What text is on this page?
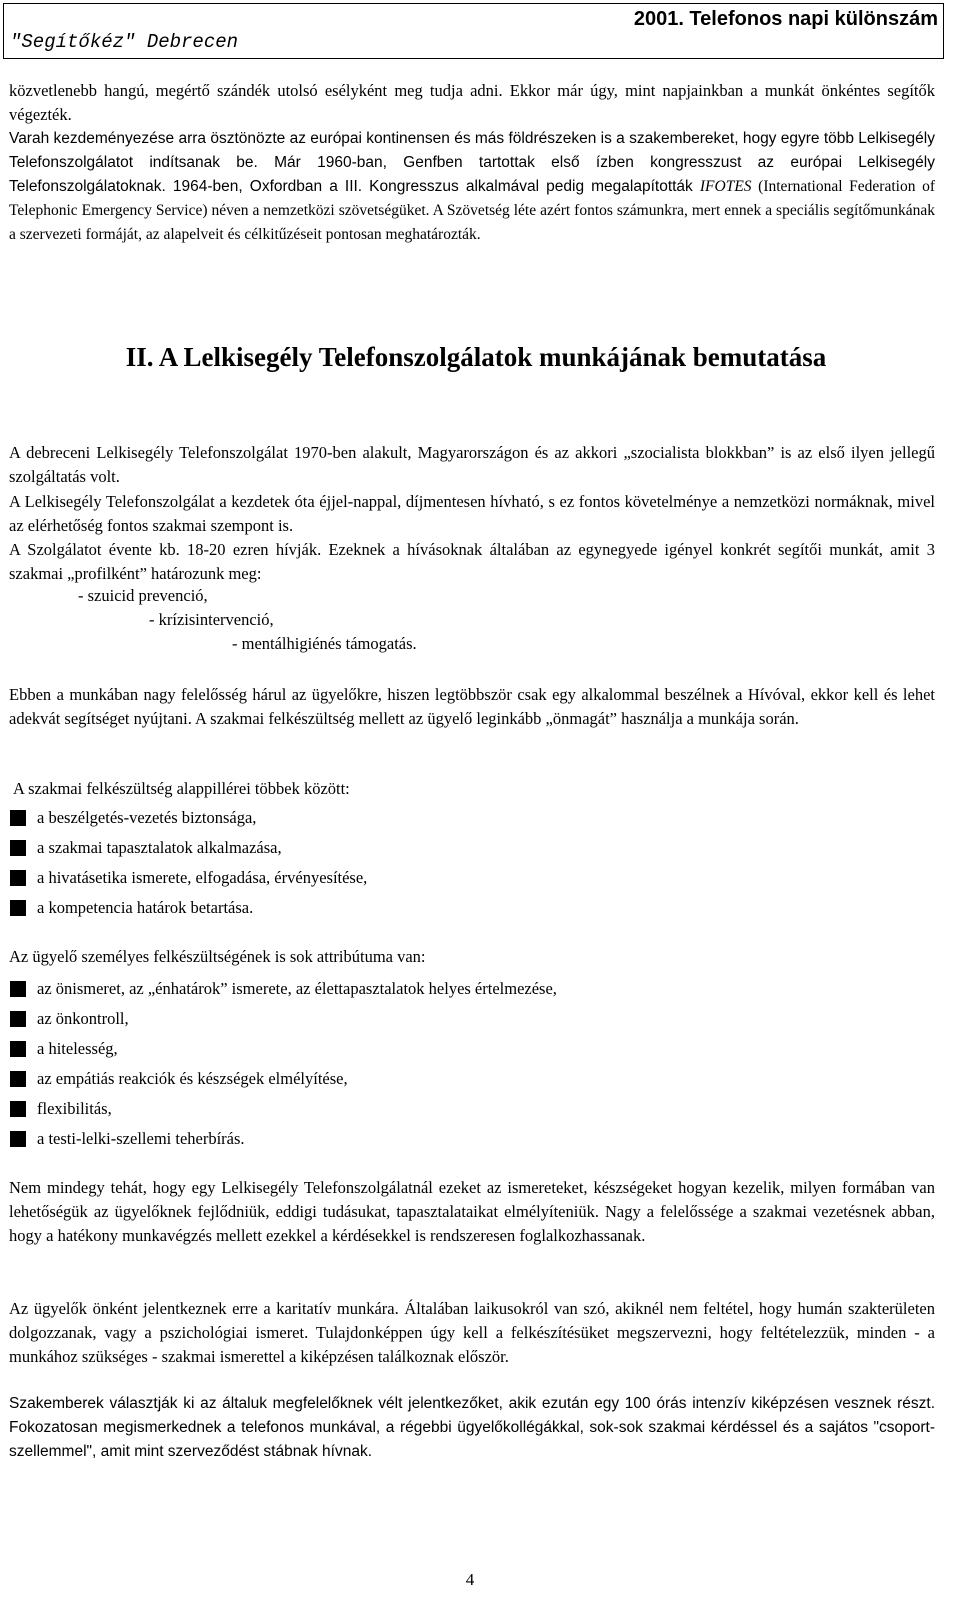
2001. Telefonos napi különszám
"Segítőkéz" Debrecen

közvetlenebb hangú, megértő szándék utolsó esélyként meg tudja adni. Ekkor már úgy, mint napjainkban a munkát önkéntes segítők végezték.

Varah kezdeményezése arra ösztönözte az európai kontinensen és más földrészeken is a szakembereket, hogy egyre több Lelkisegély Telefonszolgálatot indítsanak be. Már 1960-ban, Genfben tartottak első ízben kongresszust az európai Lelkisegély Telefonszolgálatoknak. 1964-ben, Oxfordban a III. Kongresszus alkalmával pedig megalapították IFOTES (International Federation of Telephonic Emergency Service) néven a nemzetközi szövetségüket. A Szövetség léte azért fontos számunkra, mert ennek a speciális segítőmunkának a szervezeti formáját, az alapelveit és célkitűzéseit pontosan meghatározták.

II. A Lelkisegély Telefonszolgálatok munkájának bemutatása
A debreceni Lelkisegély Telefonszolgálat 1970-ben alakult, Magyarországon és az akkori „szocialista blokkban” is az első ilyen jellegű szolgáltatás volt.
A Lelkisegély Telefonszolgálat a kezdetek óta éjjel-nappal, díjmentesen hívható, s ez fontos követelménye a nemzetközi normáknak, mivel az elérhetőség fontos szakmai szempont is.
A Szolgálatot évente kb. 18-20 ezren hívják. Ezeknek a hívásoknak általában az egynegyede igényel konkrét segítői munkát, amit 3 szakmai „profilként” határozunk meg:
- szuicid prevenció,
- krízisintervenció,
- mentálhigiénés támogatás.
Ebben a munkában nagy felelősség hárul az ügyelőkre, hiszen legtöbbször csak egy alkalommal beszélnek a Hívóval, ekkor kell és lehet adekvát segítséget nyújtani. A szakmai felkészültség mellett az ügyelő leginkább „önmagát” használja a munkája során.
A szakmai felkészültség alappillérei többek között:
a beszélgetés-vezetés biztonsága,
a szakmai tapasztalatok alkalmazása,
a hivatásetika ismerete, elfogadása, érvényesítése,
a kompetencia határok betartása.
Az ügyelő személyes felkészültségének is sok attribútuma van:
az önismeret, az „énhatárok” ismerete, az élettapasztalatok helyes értelmezése,
az önkontroll,
a hitelesség,
az empátiás reakciók és készségek elmélyítése,
flexibilitás,
a testi-lelki-szellemi teherbírás.
Nem mindegy tehát, hogy egy Lelkisegély Telefonszolgálatnál ezeket az ismereteket, készségeket hogyan kezelik, milyen formában van lehetőségük az ügyelőknek fejlődniük, eddigi tudásukat, tapasztalataikat elmélyíteniük. Nagy a felelőssége a szakmai vezetésnek abban, hogy a hatékony munkavégzés mellett ezekkel a kérdésekkel is rendszeresen foglalkozhassanak.
Az ügyelők önként jelentkeznek erre a karitatív munkára. Általában laikusokról van szó, akiknél nem feltétel, hogy humán szakterületen dolgozzanak, vagy a pszichológiai ismeret. Tulajdonképpen úgy kell a felkészítésüket megszervezni, hogy feltételezzük, minden - a munkához szükséges - szakmai ismerettel a kiképzésen találkoznak először.
Szakemberek választják ki az általuk megfelelőknek vélt jelentkezőket, akik ezután egy 100 órás intenzív kiképzésen vesznek részt. Fokozatosan megismerkednek a telefonos munkával, a régebbi ügyelőkollégákkal, sok-sok szakmai kérdéssel és a sajátos "csoport-szellemmel", amit mint szerveződést stábnak hívnak.
4
